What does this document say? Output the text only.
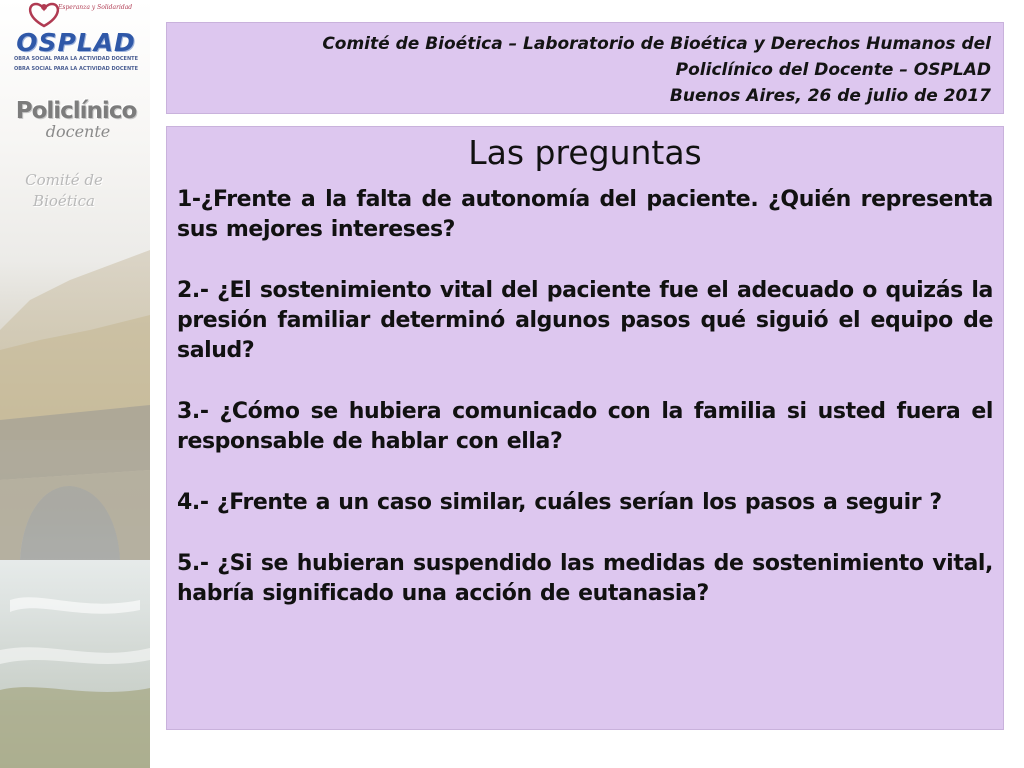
Esperanza y Solidaridad
OSPLAD
OBRA SOCIAL PARA LA ACTIVIDAD DOCENTE
OBRA SOCIAL PARA LA ACTIVIDAD DOCENTE
Policlínico
docente
Comité de
Bioética
Comité de Bioética – Laboratorio de Bioética y Derechos Humanos del
Policlínico del Docente – OSPLAD
Buenos Aires, 26 de julio de 2017
Las preguntas

1-¿Frente a la falta de autonomía del paciente. ¿Quién representa sus mejores intereses?

2.- ¿El sostenimiento vital del paciente fue el adecuado o quizás la presión familiar determinó algunos pasos qué siguió el equipo de salud?

3.- ¿Cómo se hubiera comunicado con la familia si usted fuera el responsable de hablar con ella?

4.- ¿Frente a un caso similar, cuáles serían los pasos a seguir ?

5.- ¿Si se hubieran suspendido las medidas de sostenimiento vital, habría significado una acción de eutanasia?
